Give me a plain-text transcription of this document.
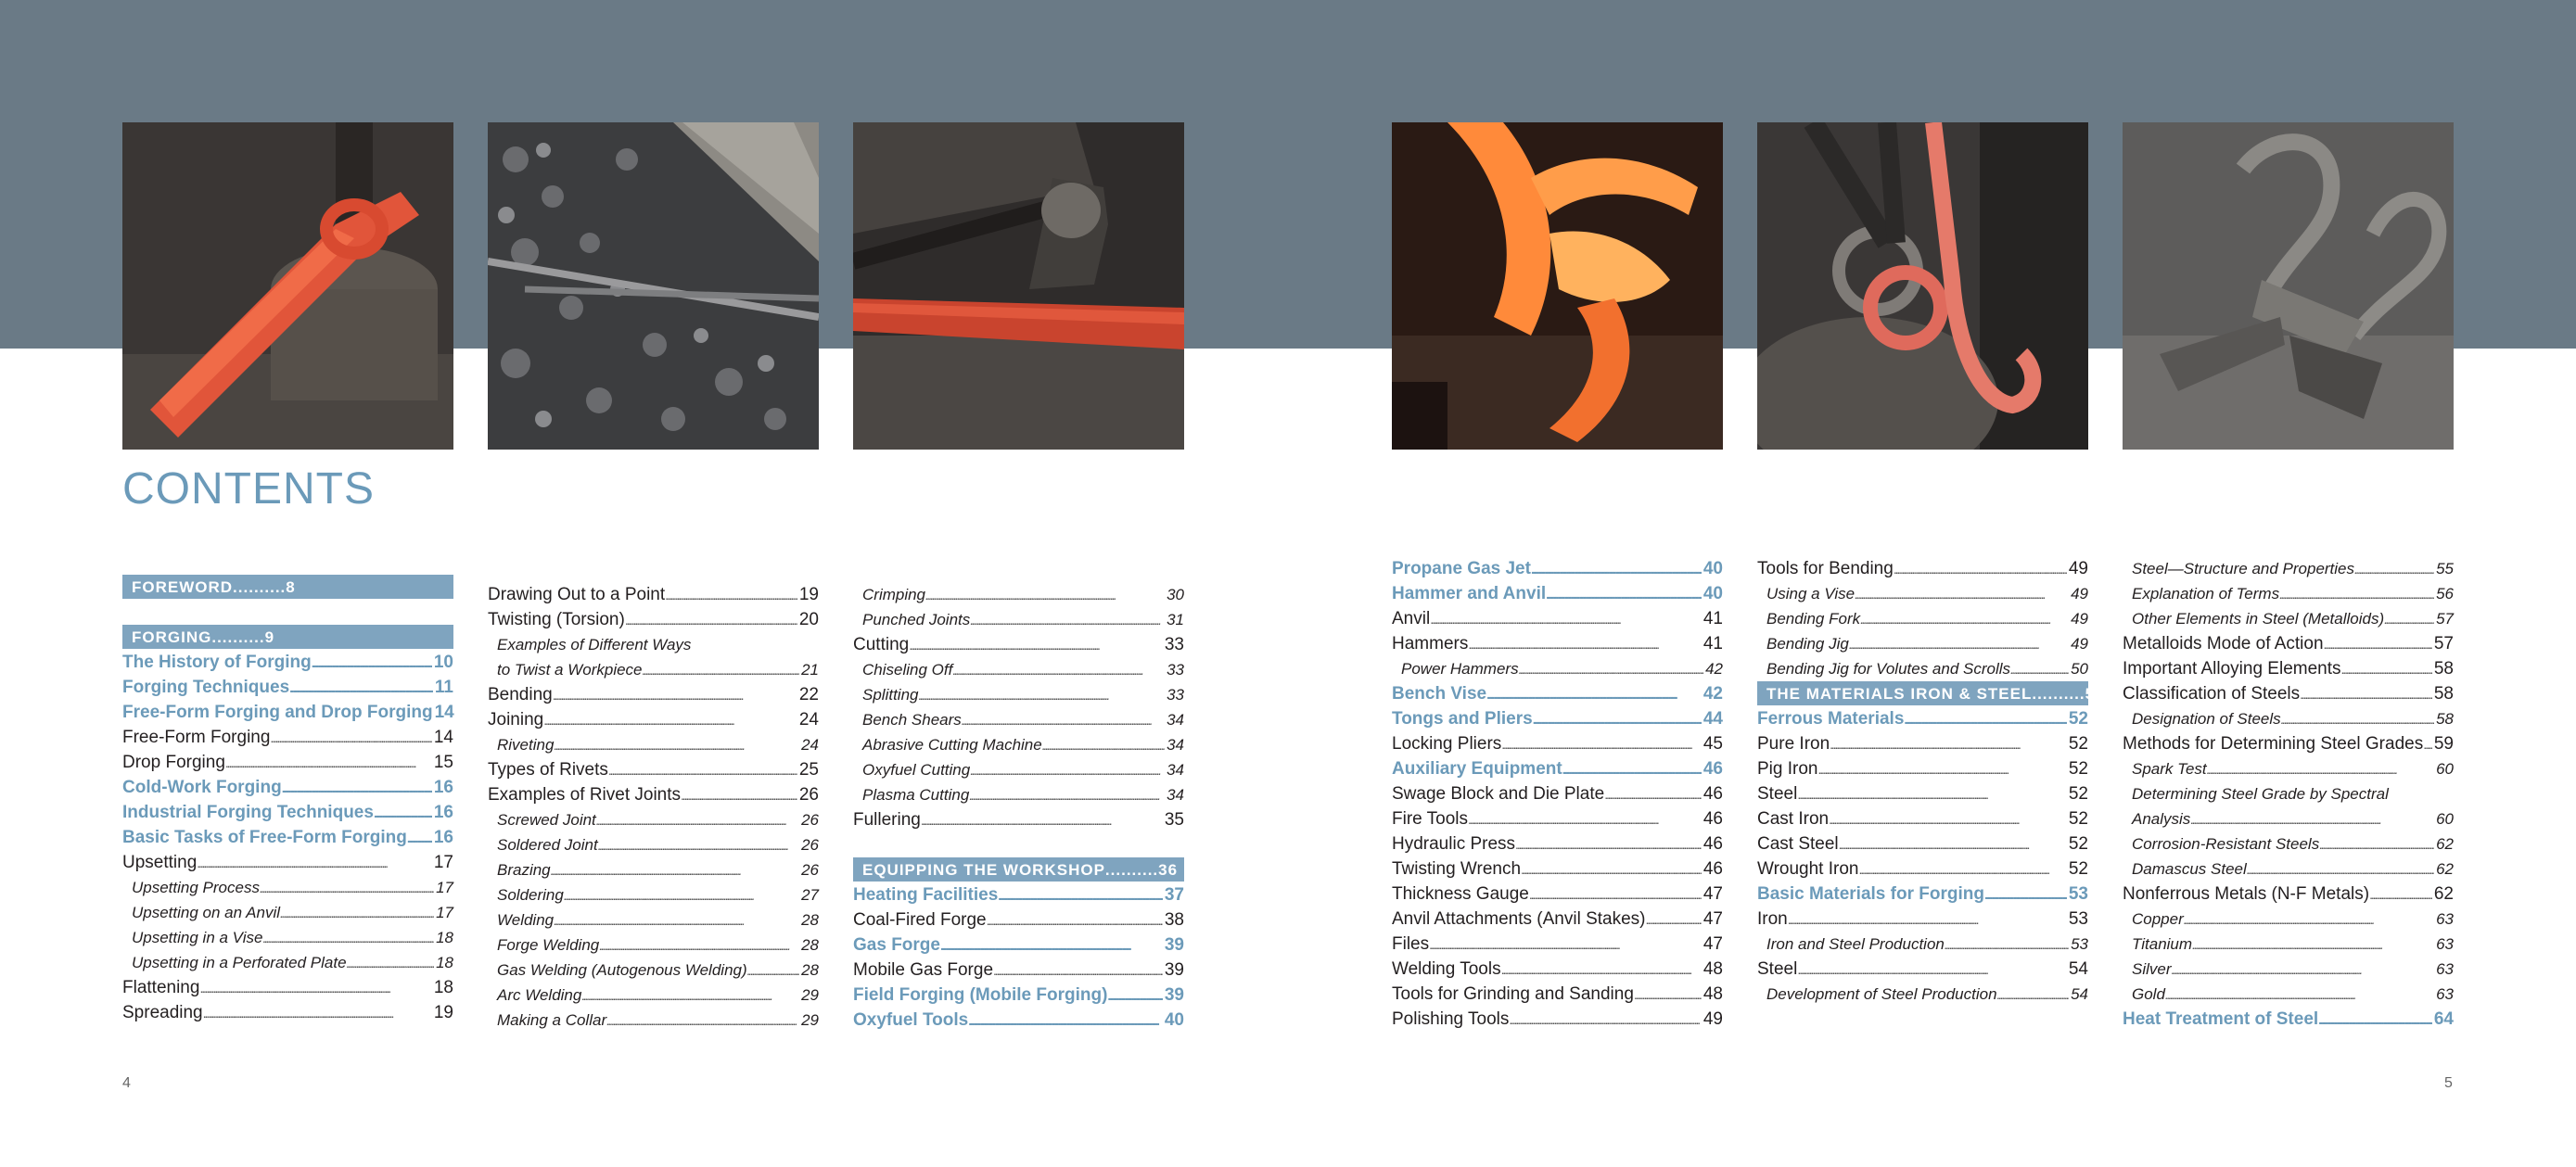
CONTENTS
FOREWORD .......... 8
FORGING .......... 9
The History of Forging . . .	10
Forging Techniques . . .	11
Free-Form Forging and Drop Forging 14
Free-Form Forging . . .	14
Drop Forging . . .	15
Cold-Work Forging . . .	16
Industrial Forging Techniques . . .	16
Basic Tasks of Free-Form Forging . . . 16
Upsetting . . .	17
Upsetting Process . . .	17
Upsetting on an Anvil . . .	17
Upsetting in a Vise . . .	18
Upsetting in a Perforated Plate . . .	18
Flattening . . .	18
Spreading . . .	19
Drawing Out to a Point . . .	19
Twisting (Torsion) . . .	20
Examples of Different Ways
to Twist a Workpiece . . .	21
Bending . . .	22
Joining . . .	24
Riveting . . .	24
Types of Rivets . . .	25
Examples of Rivet Joints . . .	26
Screwed Joint . . .	26
Soldered Joint . . .	26
Brazing . . .	26
Soldering . . .	27
Welding . . .	28
Forge Welding . . .	28
Gas Welding (Autogenous Welding) . . .	28
Arc Welding . . .	29
Making a Collar . . .	29
Crimping . . .	30
Punched Joints . . .	31
Cutting . . .	33
Chiseling Off . . .	33
Splitting . . .	33
Bench Shears . . .	34
Abrasive Cutting Machine . . .	34
Oxyfuel Cutting . . .	34
Plasma Cutting . . .	34
Fullering . . .	35
EQUIPPING THE WORKSHOP .......... 36
Heating Facilities . . .	37
Coal-Fired Forge . . .	38
Gas Forge . . .	39
Mobile Gas Forge . . .	39
Field Forging (Mobile Forging) . . .	39
Oxyfuel Tools . . .	40
Propane Gas Jet . . .	40
Hammer and Anvil . . .	40
Anvil . . .	41
Hammers . . .	41
Power Hammers . . .	42
Bench Vise . . .	42
Tongs and Pliers . . .	44
Locking Pliers . . .	45
Auxiliary Equipment . . .	46
Swage Block and Die Plate . . .	46
Fire Tools . . .	46
Hydraulic Press . . .	46
Twisting Wrench . . .	46
Thickness Gauge . . .	47
Anvil Attachments (Anvil Stakes) . . .	47
Files . . .	47
Welding Tools . . .	48
Tools for Grinding and Sanding . . .	48
Polishing Tools . . .	49
Tools for Bending . . .	49
Using a Vise . . .	49
Bending Fork . . .	49
Bending Jig . . .	49
Bending Jig for Volutes and Scrolls . . .	50
THE MATERIALS IRON & STEEL .......... 51
Ferrous Materials . . .	52
Pure Iron . . .	52
Pig Iron . . .	52
Steel . . .	52
Cast Iron . . .	52
Cast Steel . . .	52
Wrought Iron . . .	52
Basic Materials for Forging . . .	53
Iron . . .	53
Iron and Steel Production . . .	53
Steel . . .	54
Development of Steel Production . . .	54
Steel—Structure and Properties . . .	55
Explanation of Terms . . .	56
Other Elements in Steel (Metalloids) . . .	57
Metalloids Mode of Action . . .	57
Important Alloying Elements . . .	58
Classification of Steels . . .	58
Designation of Steels . . .	58
Methods for Determining Steel Grades . . . 59
Spark Test . . .	60
Determining Steel Grade by Spectral
Analysis . . .	60
Corrosion-Resistant Steels . . .	62
Damascus Steel . . .	62
Nonferrous Metals (N-F Metals) . . .	62
Copper . . .	63
Titanium . . .	63
Silver . . .	63
Gold . . .	63
Heat Treatment of Steel . . .	64
4	5
